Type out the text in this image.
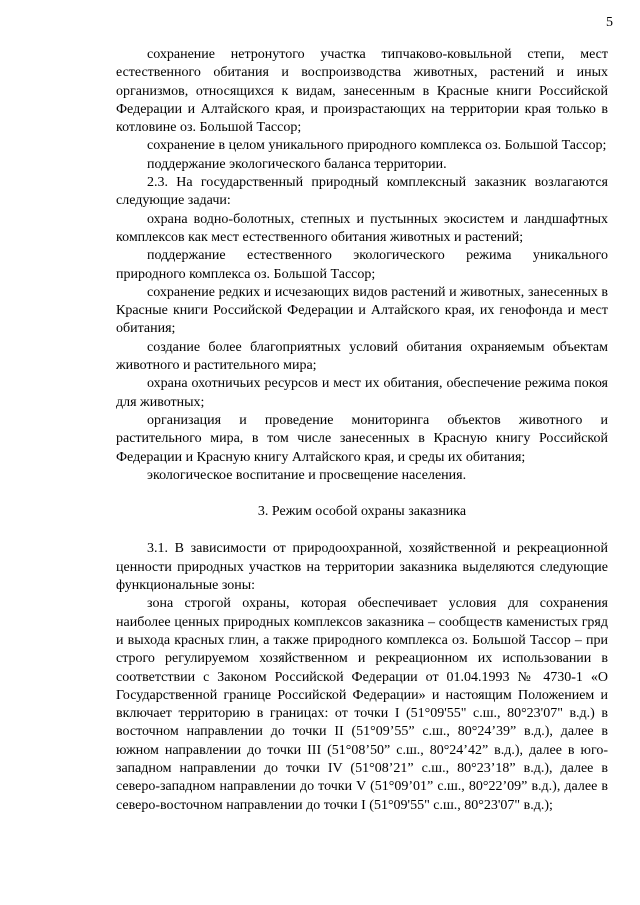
5

сохранение нетронутого участка типчаково-ковыльной степи, мест естественного обитания и воспроизводства животных, растений и иных организмов, относящихся к видам, занесенным в Красные книги Российской Федерации и Алтайского края, и произрастающих на территории края только в котловине оз. Большой Тассор;

сохранение в целом уникального природного комплекса оз. Большой Тассор;

поддержание экологического баланса территории.

2.3. На государственный природный комплексный заказник возлагаются следующие задачи:

охрана водно-болотных, степных и пустынных экосистем и ландшафтных комплексов как мест естественного обитания животных и растений;

поддержание естественного экологического режима уникального природного комплекса оз. Большой Тассор;

сохранение редких и исчезающих видов растений и животных, занесенных в Красные книги Российской Федерации и Алтайского края, их генофонда и мест обитания;

создание более благоприятных условий обитания охраняемым объектам животного и растительного мира;

охрана охотничьих ресурсов и мест их обитания, обеспечение режима покоя для животных;

организация и проведение мониторинга объектов животного и растительного мира, в том числе занесенных в Красную книгу Российской Федерации и Красную книгу Алтайского края, и среды их обитания;

экологическое воспитание и просвещение населения.

3. Режим особой охраны заказника

3.1. В зависимости от природоохранной, хозяйственной и рекреационной ценности природных участков на территории заказника выделяются следующие функциональные зоны:

зона строгой охраны, которая обеспечивает условия для сохранения наиболее ценных природных комплексов заказника – сообществ каменистых гряд и выхода красных глин, а также природного комплекса оз. Большой Тассор – при строго регулируемом хозяйственном и рекреационном их использовании в соответствии с Законом Российской Федерации от 01.04.1993 № 4730-1 «О Государственной границе Российской Федерации» и настоящим Положением и включает территорию в границах: от точки I (51°09'55" с.ш., 80°23'07" в.д.) в восточном направлении до точки II (51°09’55” с.ш., 80°24’39” в.д.), далее в южном направлении до точки III (51°08’50” с.ш., 80°24’42” в.д.), далее в юго-западном направлении до точки IV (51°08’21” с.ш., 80°23’18” в.д.), далее в северо-западном направлении до точки V (51°09’01” с.ш., 80°22’09” в.д.), далее в северо-восточном направлении до точки I (51°09'55" с.ш., 80°23'07" в.д.);
